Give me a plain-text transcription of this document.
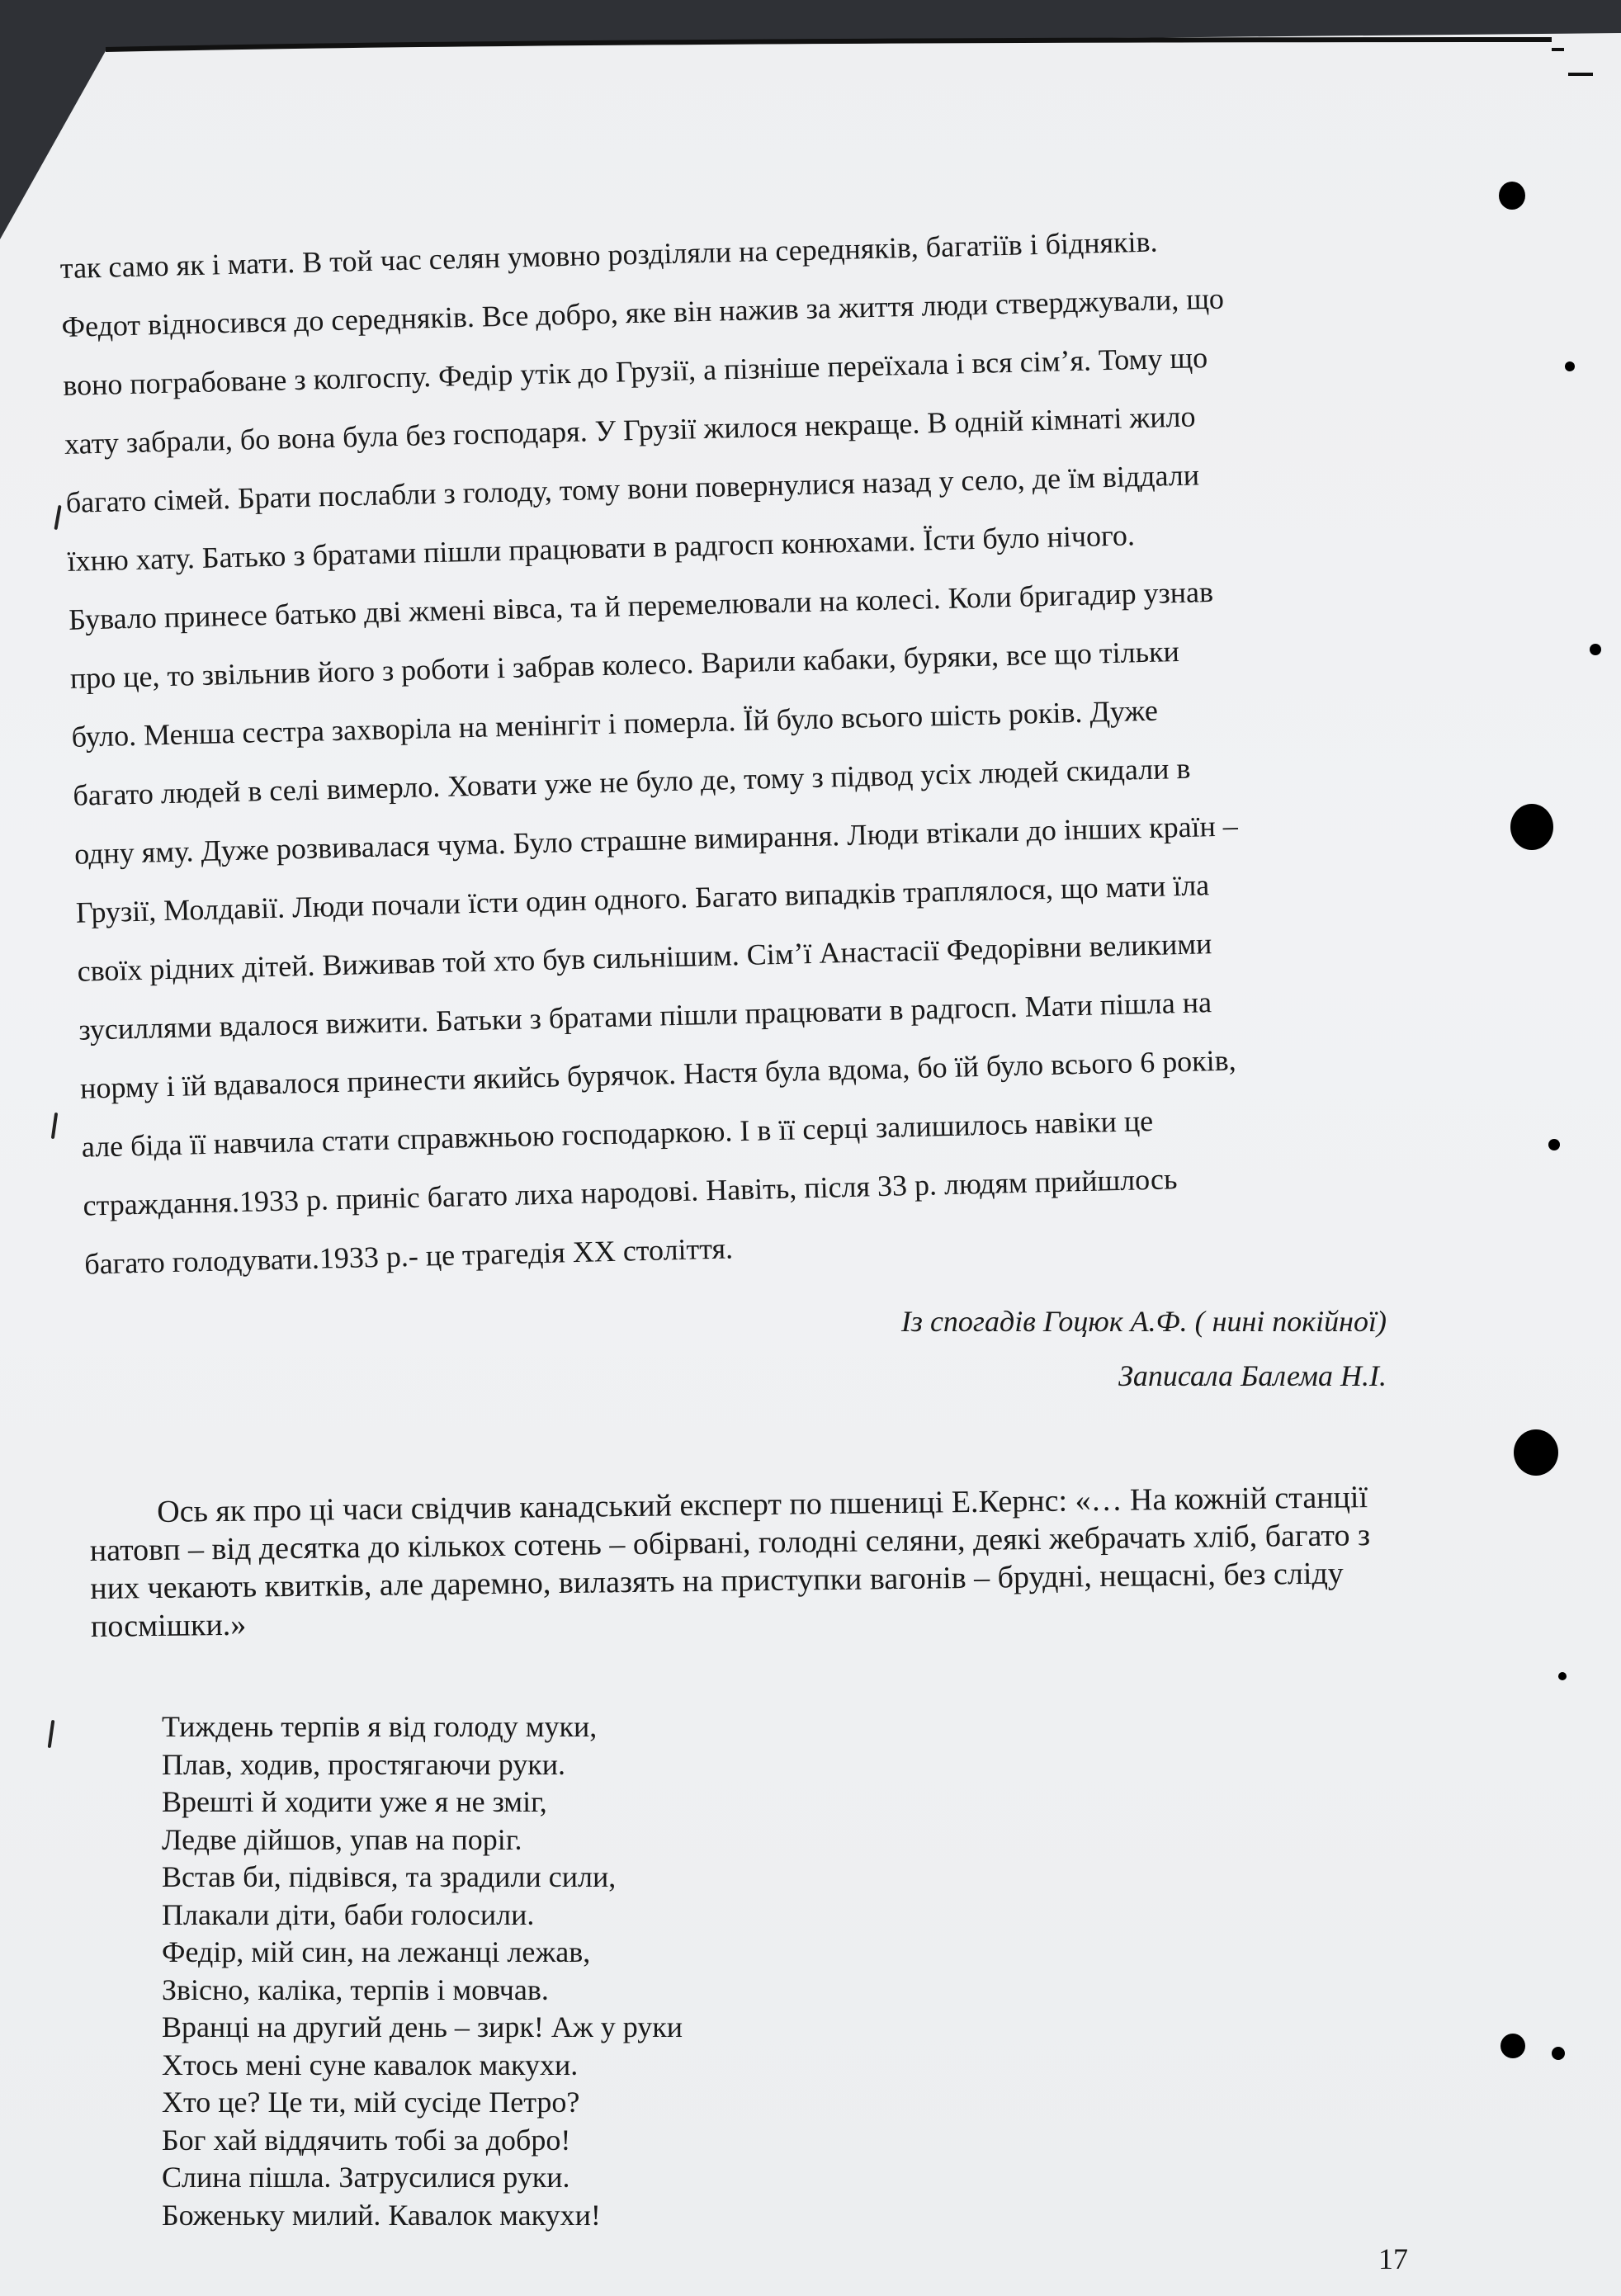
так само як і мати. В той час селян умовно розділяли на середняків, багатіїв і бідняків.

Федот відносився до середняків. Все добро, яке він нажив за життя люди стверджували, що

воно пограбоване з колгоспу. Федір утік до Грузії, а пізніше переїхала і вся сім’я. Тому що

хату забрали, бо вона була без господаря. У Грузії жилося некраще. В одній кімнаті жило

багато сімей. Брати послабли з голоду, тому вони повернулися назад у село, де їм віддали

їхню хату. Батько з братами пішли працювати в радгосп конюхами. Їсти було нічого.

Бувало принесе батько дві жмені вівса, та й перемелювали на колесі. Коли бригадир узнав

про це, то звільнив його з роботи і забрав колесо. Варили кабаки, буряки, все що тільки

було. Менша сестра захворіла на менінгіт і померла. Їй було всього шість років. Дуже

багато людей в селі вимерло. Ховати уже не було де, тому з підвод усіх людей скидали в

одну яму. Дуже розвивалася чума. Було страшне вимирання. Люди втікали до інших країн –

Грузії, Молдавії. Люди почали їсти один одного. Багато випадків траплялося, що мати їла

своїх рідних дітей. Виживав той хто був сильнішим. Сім’ї Анастасії Федорівни великими

зусиллями вдалося вижити. Батьки з братами пішли працювати в радгосп. Мати пішла на

норму і їй вдавалося принести якийсь бурячок. Настя була вдома, бо їй було всього 6 років,

але біда її навчила стати справжньою господаркою. І в її серці залишилось навіки це

страждання.1933 р. приніс багато лиха народові. Навіть, після 33 р. людям прийшлось

багато голодувати.1933 р.- це трагедія ХХ століття.

Із спогадів Гоцюк А.Ф. ( нині покійної)
Записала Балема Н.І.

Ось як про ці часи свідчив канадський експерт по пшениці Е.Кернс: «… На кожній станції натовп – від десятка до кількох сотень – обірвані, голодні селяни, деякі жебрачать хліб, багато з них чекають квитків, але даремно, вилазять на приступки вагонів – брудні, нещасні, без сліду посмішки.»

Тиждень терпів я від голоду муки,
Плав, ходив, простягаючи руки.
Врешті й ходити уже я не зміг,
Ледве дійшов, упав на поріг.
Встав би, підвівся, та зрадили сили,
Плакали діти, баби голосили.
Федір, мій син, на лежанці лежав,
Звісно, каліка, терпів і мовчав.
Вранці на другий день – зирк! Аж у руки
Хтось мені суне кавалок макухи.
Хто це? Це ти, мій сусіде Петро?
Бог хай віддячить тобі за добро!
Слина пішла. Затрусилися руки.
Боженьку милий. Кавалок макухи!
17
